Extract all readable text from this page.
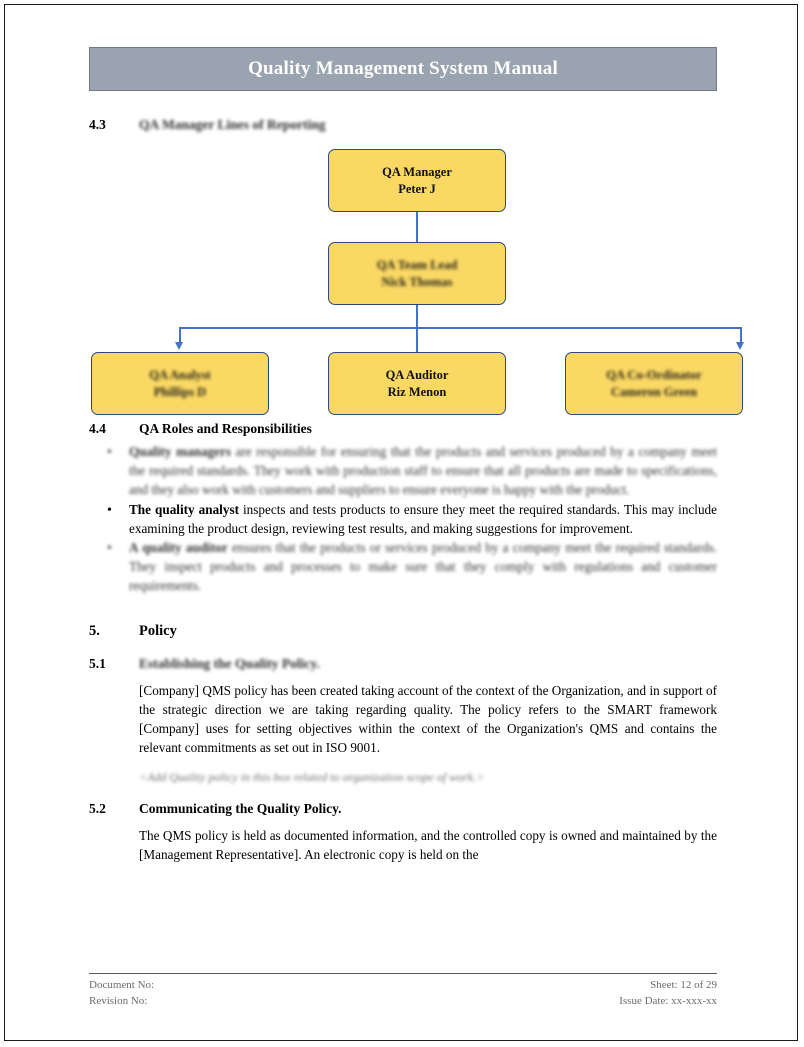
Quality Management System Manual
4.3	QA Manager Lines of Reporting
QA Manager
Peter J
QA Team Lead
Nick Thomas
QA Analyst
Phillips D
QA Auditor
Riz Menon
QA Co-Ordinator
Cameron Green
4.4	QA Roles and Responsibilities
• Quality managers are responsible for ensuring that the products and services produced by a company meet the required standards. They work with production staff to ensure that all products are made to specifications, and they also work with customers and suppliers to ensure everyone is happy with the product.
• The quality analyst inspects and tests products to ensure they meet the required standards. This may include examining the product design, reviewing test results, and making suggestions for improvement.
• A quality auditor ensures that the products or services produced by a company meet the required standards. They inspect products and processes to make sure that they comply with regulations and customer requirements.
5.	Policy
5.1	Establishing the Quality Policy.
[Company] QMS policy has been created taking account of the context of the Organization, and in support of the strategic direction we are taking regarding quality. The policy refers to the SMART framework [Company] uses for setting objectives within the context of the Organization's QMS and contains the relevant commitments as set out in ISO 9001.
<Add Quality policy in this box related to organization scope of work.>
5.2	Communicating the Quality Policy.
The QMS policy is held as documented information, and the controlled copy is owned and maintained by the [Management Representative]. An electronic copy is held on the
Document No:
Revision No:
Sheet: 12 of 29
Issue Date: xx-xxx-xx
